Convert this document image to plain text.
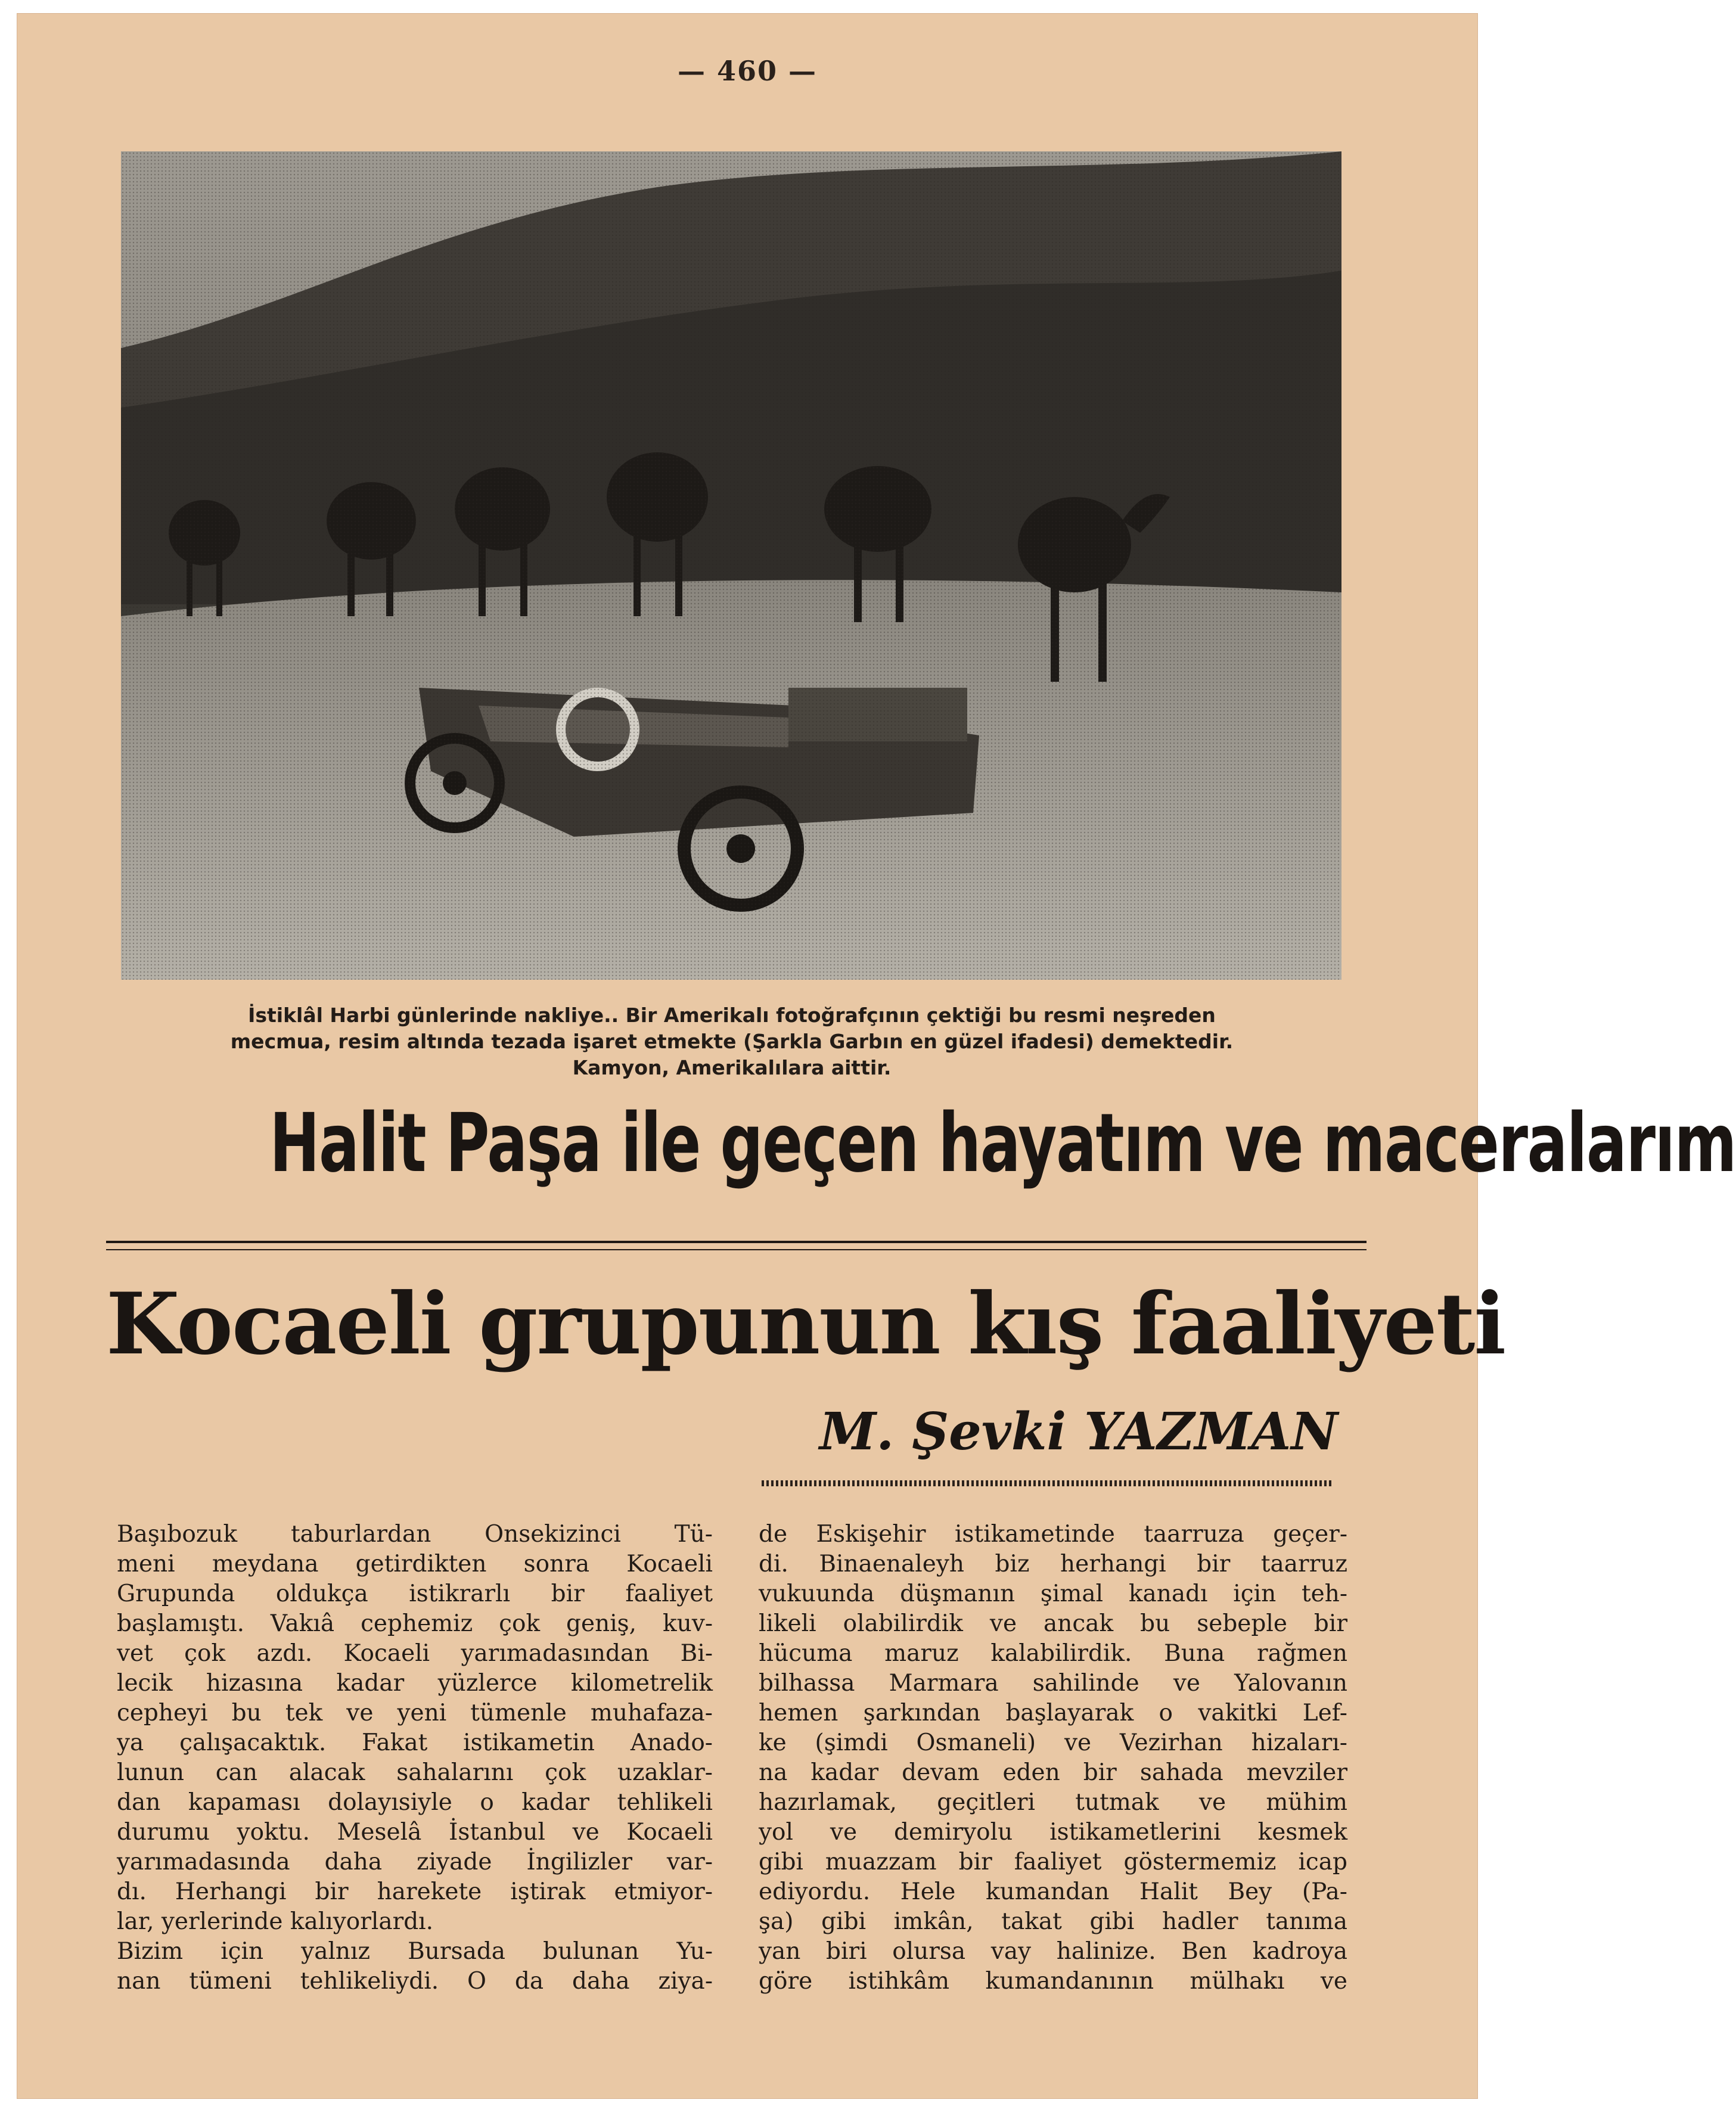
— 460 —
İstiklâl Harbi günlerinde nakliye.. Bir Amerikalı fotoğrafçının çektiği bu resmi neşreden
mecmua, resim altında tezada işaret etmekte (Şarkla Garbın en güzel ifadesi) demektedir.
Kamyon, Amerikalılara aittir.
Halit Paşa ile geçen hayatım ve maceralarım
Kocaeli grupunun kış faaliyeti
M. Şevki YAZMAN
Başıbozuk taburlardan Onsekizinci Tü-
meni meydana getirdikten sonra Kocaeli
Grupunda oldukça istikrarlı bir faaliyet
başlamıştı. Vakıâ cephemiz çok geniş, kuv-
vet çok azdı. Kocaeli yarımadasından Bi-
lecik hizasına kadar yüzlerce kilometrelik
cepheyi bu tek ve yeni tümenle muhafaza-
ya çalışacaktık. Fakat istikametin Anado-
lunun can alacak sahalarını çok uzaklar-
dan kapaması dolayısiyle o kadar tehlikeli
durumu yoktu. Meselâ İstanbul ve Kocaeli
yarımadasında daha ziyade İngilizler var-
dı. Herhangi bir harekete iştirak etmiyor-
lar, yerlerinde kalıyorlardı.
Bizim için yalnız Bursada bulunan Yu-
nan tümeni tehlikeliydi. O da daha ziya-
de Eskişehir istikametinde taarruza geçer-
di. Binaenaleyh biz herhangi bir taarruz
vukuunda düşmanın şimal kanadı için teh-
likeli olabilirdik ve ancak bu sebeple bir
hücuma maruz kalabilirdik. Buna rağmen
bilhassa Marmara sahilinde ve Yalovanın
hemen şarkından başlayarak o vakitki Lef-
ke (şimdi Osmaneli) ve Vezirhan hizaları-
na kadar devam eden bir sahada mevziler
hazırlamak, geçitleri tutmak ve mühim
yol ve demiryolu istikametlerini kesmek
gibi muazzam bir faaliyet göstermemiz icap
ediyordu. Hele kumandan Halit Bey (Pa-
şa) gibi imkân, takat gibi hadler tanıma
yan biri olursa vay halinize. Ben kadroya
göre istihkâm kumandanının mülhakı ve
